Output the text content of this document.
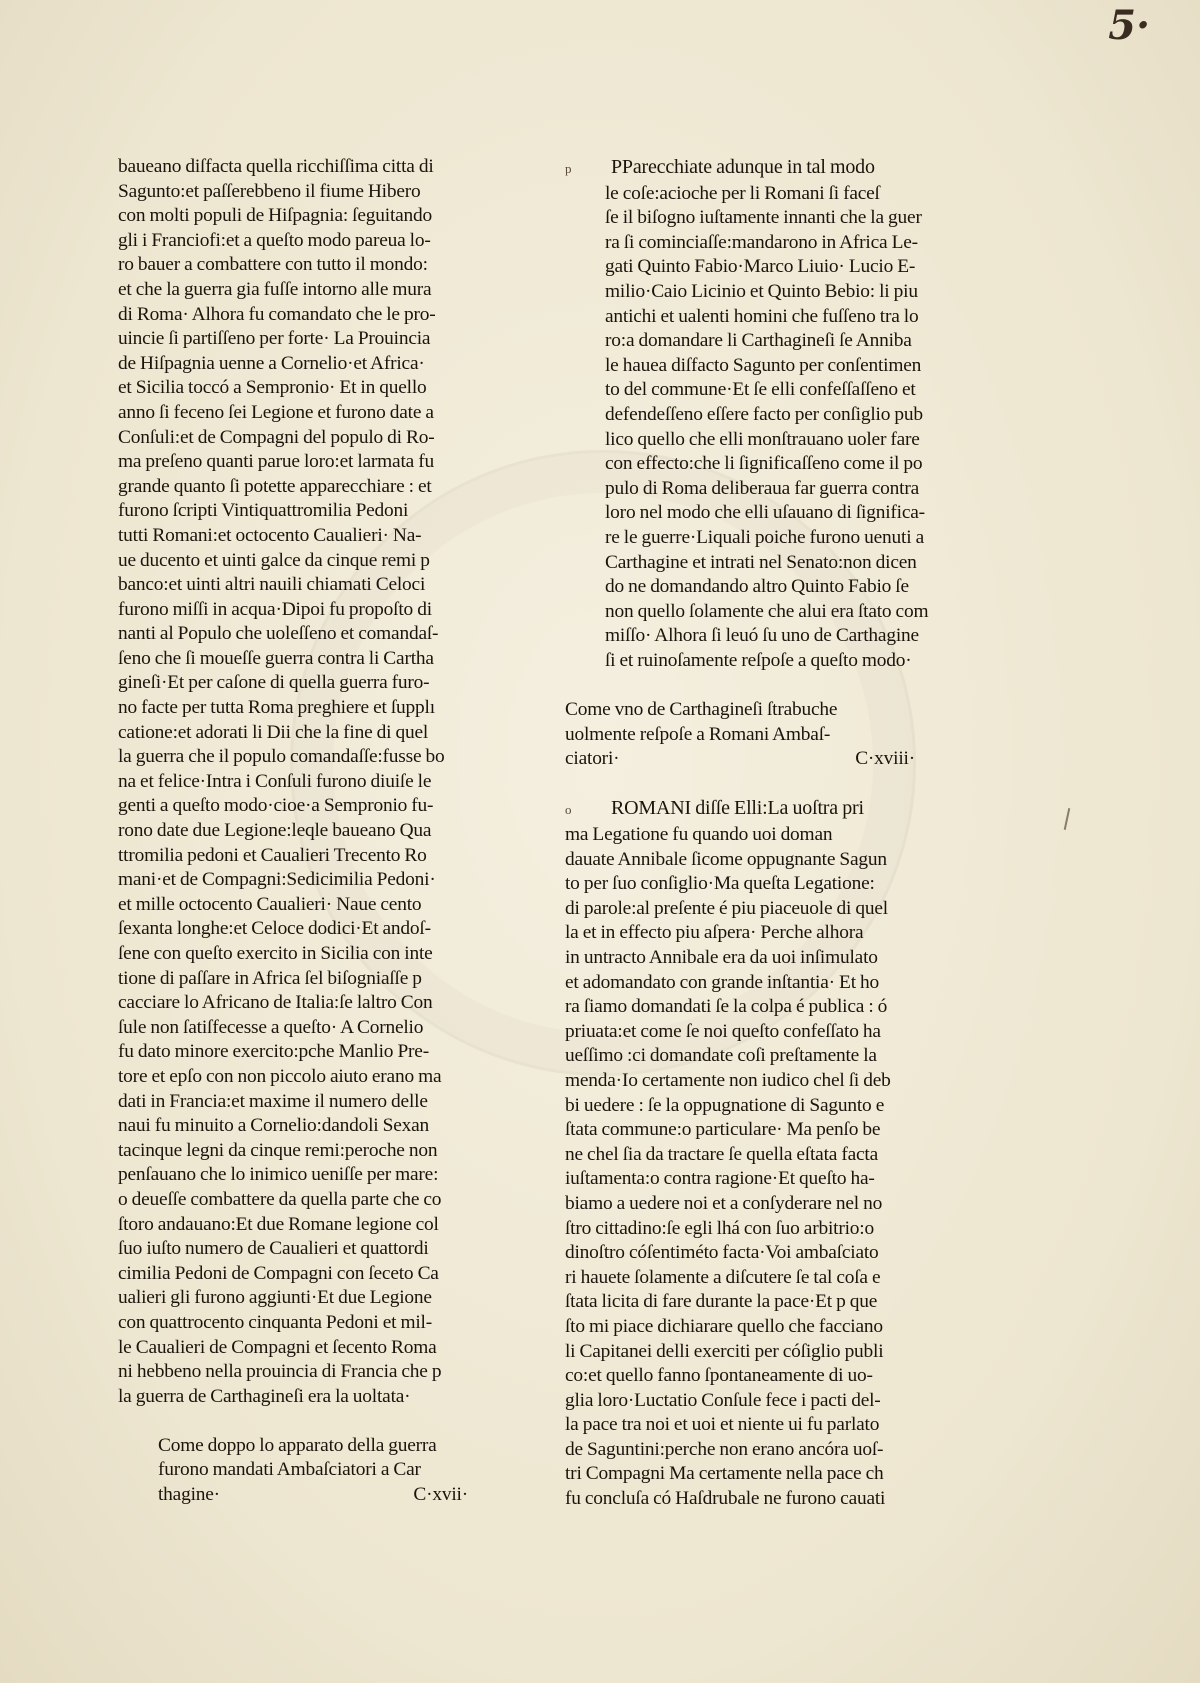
5·
baueano diſfacta quella ricchiſſima citta di
Sagunto:et paſſerebbeno il fiume Hibero
con molti populi de Hiſpagnia: ſeguitando
gli i Franciofi:et a queſto modo pareua lo-
ro bauer a combattere con tutto il mondo:
et che la guerra gia fuſſe intorno alle mura
di Roma· Alhora fu comandato che le pro-
uincie ſi partiſſeno per forte· La Prouincia
de Hiſpagnia uenne a Cornelio·et Africa·
et Sicilia toccó a Sempronio· Et in quello
anno ſi feceno ſei Legione et furono date a
Conſuli:et de Compagni del populo di Ro-
ma preſeno quanti parue loro:et larmata fu
grande quanto ſi potette apparecchiare : et
furono ſcripti Vintiquattromilia Pedoni
tutti Romani:et octocento Caualieri· Na-
ue ducento et uinti galce da cinque remi p
banco:et uinti altri nauili chiamati Celoci
furono miſſi in acqua·Dipoi fu propoſto di
nanti al Populo che uoleſſeno et comandaſ-
ſeno che ſi moueſſe guerra contra li Cartha
gineſi·Et per caſone di quella guerra furo-
no facte per tutta Roma preghiere et ſupplı
catione:et adorati li Dii che la fine di quel
la guerra che il populo comandaſſe:fusse bo
na et felice·Intra i Conſuli furono diuiſe le
genti a queſto modo·cioe·a Sempronio fu-
rono date due Legione:leqle baueano Qua
ttromilia pedoni et Caualieri Trecento Ro
mani·et de Compagni:Sedicimilia Pedoni·
et mille octocento Caualieri· Naue cento
ſexanta longhe:et Celoce dodici·Et andoſ-
ſene con queſto exercito in Sicilia con inte
tione di paſſare in Africa ſel biſogniaſſe p
cacciare lo Africano de Italia:ſe laltro Con
ſule non ſatiſfecesse a queſto· A Cornelio
fu dato minore exercito:pche Manlio Pre-
tore et epſo con non piccolo aiuto erano ma
dati in Francia:et maxime il numero delle
naui fu minuito a Cornelio:dandoli Sexan
tacinque legni da cinque remi:peroche non
penſauano che lo inimico ueniſſe per mare:
o deueſſe combattere da quella parte che co
ſtoro andauano:Et due Romane legione col
ſuo iuſto numero de Caualieri et quattordi
cimilia Pedoni de Compagni con ſeceto Ca
ualieri gli furono aggiunti·Et due Legione
con quattrocento cinquanta Pedoni et mil-
le Caualieri de Compagni et ſecento Roma
ni hebbeno nella prouincia di Francia che p
la guerra de Carthagineſi era la uoltata·
Come doppo lo apparato della guerra
furono mandati Ambaſciatori a Car
thagine·	C·xvii·
p PParecchiate adunque in tal modo
le coſe:acioche per li Romani ſi faceſ
ſe il biſogno iuſtamente innanti che la guer
ra ſi cominciaſſe:mandarono in Africa Le-
gati Quinto Fabio·Marco Liuio· Lucio E-
milio·Caio Licinio et Quinto Bebio: li piu
antichi et ualenti homini che fuſſeno tra lo
ro:a domandare li Carthagineſi ſe Anniba
le hauea diſfacto Sagunto per conſentimen
to del commune·Et ſe elli confeſſaſſeno et
defendeſſeno eſſere facto per conſiglio pub
lico quello che elli monſtrauano uoler fare
con effecto:che li ſignificaſſeno come il po
pulo di Roma deliberaua far guerra contra
loro nel modo che elli uſauano di ſignifica-
re le guerre·Liquali poiche furono uenuti a
Carthagine et intrati nel Senato:non dicen
do ne domandando altro Quinto Fabio ſe
non quello ſolamente che alui era ſtato com
miſſo· Alhora ſi leuó ſu uno de Carthagine
ſi et ruinoſamente reſpoſe a queſto modo·
Come vno de Carthagineſi ſtrabuche
uolmente reſpoſe a Romani Ambaſ-
ciatori·	C·xviii·
o ROMANI diſſe Elli:La uoſtra pri
ma Legatione fu quando uoi doman
dauate Annibale ſicome oppugnante Sagun
to per ſuo conſiglio·Ma queſta Legatione:
di parole:al preſente é piu piaceuole di quel
la et in effecto piu aſpera· Perche alhora
in untracto Annibale era da uoi inſimulato
et adomandato con grande inſtantia· Et ho
ra ſiamo domandati ſe la colpa é publica : ó
priuata:et come ſe noi queſto confeſſato ha
ueſſimo :ci domandate coſi preſtamente la
menda·Io certamente non iudico chel ſi deb
bi uedere : ſe la oppugnatione di Sagunto e
ſtata commune:o particulare· Ma penſo be
ne chel ſia da tractare ſe quella eſtata facta
iuſtamenta:o contra ragione·Et queſto ha-
biamo a uedere noi et a conſyderare nel no
ſtro cittadino:ſe egli lhá con ſuo arbitrio:o
dinoſtro cóſentiméto facta·Voi ambaſciato
ri hauete ſolamente a diſcutere ſe tal coſa e
ſtata licita di fare durante la pace·Et p que
ſto mi piace dichiarare quello che facciano
li Capitanei delli exerciti per cóſiglio publi
co:et quello fanno ſpontaneamente di uo-
glia loro·Luctatio Conſule fece i pacti del-
la pace tra noi et uoi et niente ui fu parlato
de Saguntini:perche non erano ancóra uoſ-
tri Compagni Ma certamente nella pace ch
fu concluſa có Haſdrubale ne furono cauati
